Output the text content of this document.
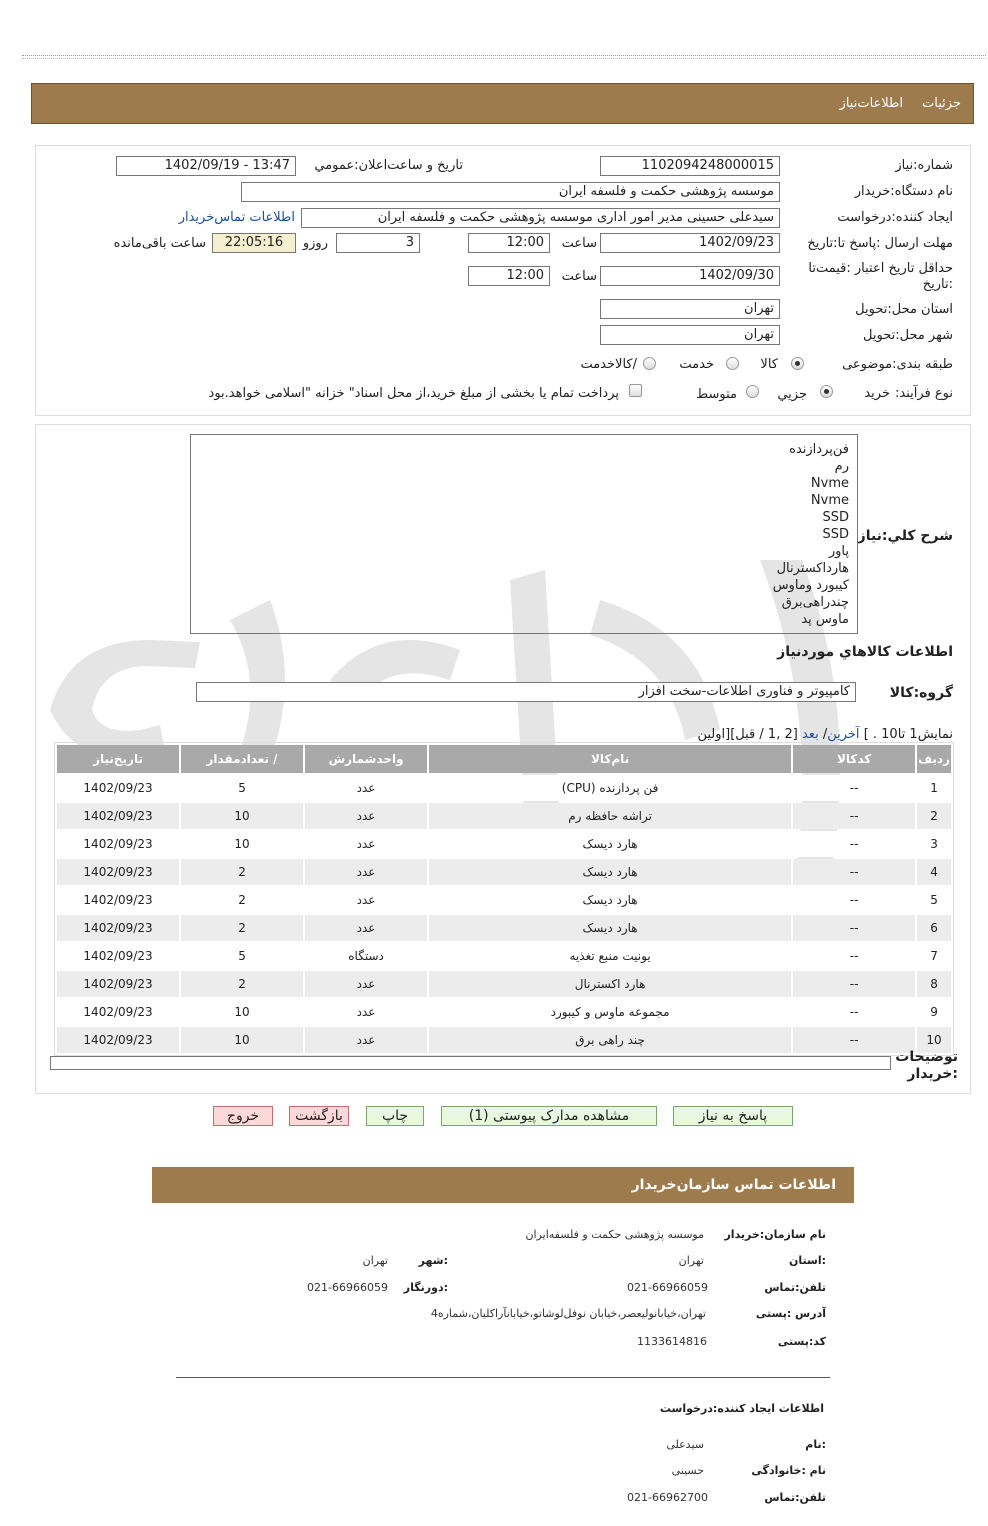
جزئیات
اطلاعات‌نیاز
شماره:نیاز
1102094248000015
تاریخ و ساعت‌اعلان:عمومي
1402/09/19 - 13:47
نام دستگاه:خریدار
موسسه پژوهشی حکمت و فلسفه ایران
ایجاد کننده:درخواست
سیدعلی حسینی مدیر امور اداری موسسه پژوهشی حکمت و فلسفه ایران
اطلاعات تماس‌خریدار
مهلت ارسال :پاسخ تا:تاریخ
1402/09/23
ساعت
12:00
3
روزو
22:05:16
ساعت باقی‌مانده
حداقل تاریخ اعتبار :قیمت‌تا :تاریخ
1402/09/30
ساعت
12:00
استان محل:تحویل
تهران
شهر محل:تحویل
تهران
طبقه بندی:موضوعی
کالا
خدمت
/کالاخدمت
نوع فرآیند:
خرید
جزیي
متوسط
پرداخت تمام یا بخشی از مبلغ خرید،از محل اسناد" خزانه "اسلامی خواهد.بود
شرح کلي:نیاز
فن‌پردازنده
رم
Nvme
Nvme
SSD
SSD
پاور
هارداکسترنال
کیبورد وماوس
چندراهی‌برق
ماوس پد
اطلاعات کالاهاي موردنیاز
گروه:کالا
کامپیوتر و فناوری اطلاعات-سخت افزار
نمایش1 تا10 . ] آخرین/ بعد [2 ,1 / قبل][اولین
ردیف	کدکالا	نام‌کالا	واحدشمارش	/ تعدادمقدار	تاریخ‌نیاز
1	--	فن پردازنده (CPU)	عدد	5	1402/09/23
2	--	تراشه حافظه رم	عدد	10	1402/09/23
3	--	هارد دیسک	عدد	10	1402/09/23
4	--	هارد دیسک	عدد	2	1402/09/23
5	--	هارد دیسک	عدد	2	1402/09/23
6	--	هارد دیسک	عدد	2	1402/09/23
7	--	یونیت منبع تغذیه	دستگاه	5	1402/09/23
8	--	هارد اکسترنال	عدد	2	1402/09/23
9	--	مجموعه ماوس و کیبورد	عدد	10	1402/09/23
10	--	چند راهی برق	عدد	10	1402/09/23
توضیحات :خریدار
پاسخ به نیاز
مشاهده مدارک پیوستی (1)
چاپ
بازگشت
خروج
اطلاعات تماس سازمان‌خریدار
نام سازمان:خریدار
موسسه پژوهشی حکمت و فلسفه‌ایران
:استان
تهران
:شهر
تهران
تلفن:تماس
021-66966059
:دورنگار
021-66966059
آدرس :پستی
تهران،خیابانولیعصر،خیابان نوفل‌لوشاتو،خیابانآراکلیان،شماره4
کد:پستی
1133614816
اطلاعات ایجاد کننده:درخواست
:نام
سیدعلی
نام :خانوادگی
حسینی
تلفن:تماس
021-66962700
